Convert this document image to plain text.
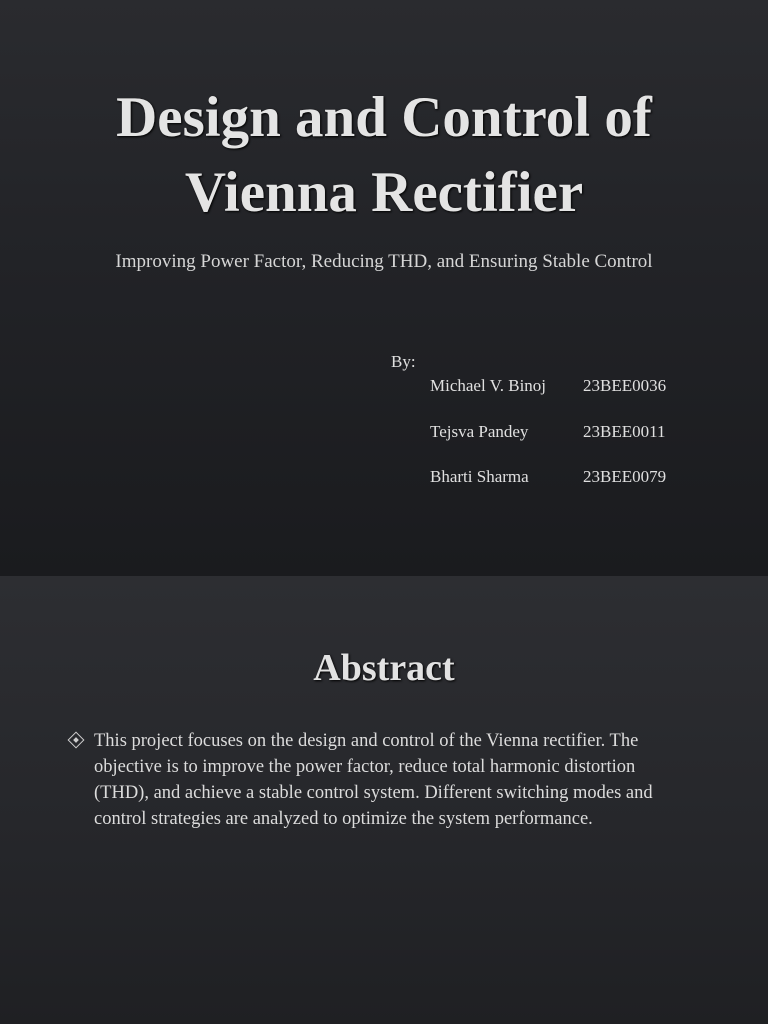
Design and Control of
Vienna Rectifier

Improving Power Factor, Reducing THD, and Ensuring Stable Control

By:
Michael V. Binoj 23BEE0036
Tejsva Pandey	23BEE0011
Bharti Sharma	23BEE0079
Abstract

This project focuses on the design and control of the Vienna rectifier. The objective is to improve the power factor, reduce total harmonic distortion (THD), and achieve a stable control system. Different switching modes and control strategies are analyzed to optimize the system performance.
